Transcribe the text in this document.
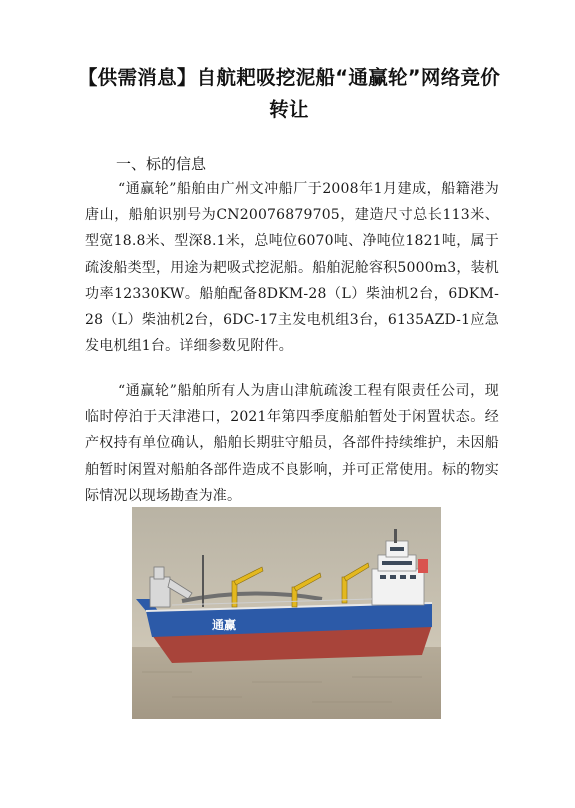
【供需消息】自航耙吸挖泥船“通赢轮”网络竞价转让
一、标的信息
“通赢轮”船舶由广州文冲船厂于2008年1月建成，船籍港为唐山，船舶识别号为CN20076879705，建造尺寸总长113米、型宽18.8米、型深8.1米，总吨位6070吨、净吨位1821吨，属于疏浚船类型，用途为耙吸式挖泥船。船舶泥舱容积5000m3，装机功率12330KW。船舶配备8DKM-28（L）柴油机2台，6DKM-28（L）柴油机2台，6DC-17主发电机组3台，6135AZD-1应急发电机组1台。详细参数见附件。
“通赢轮”船舶所有人为唐山津航疏浚工程有限责任公司，现临时停泊于天津港口，2021年第四季度船舶暂处于闲置状态。经产权持有单位确认，船舶长期驻守船员，各部件持续维护，未因船舶暂时闲置对船舶各部件造成不良影响，并可正常使用。标的物实际情况以现场勘查为准。
通赢
